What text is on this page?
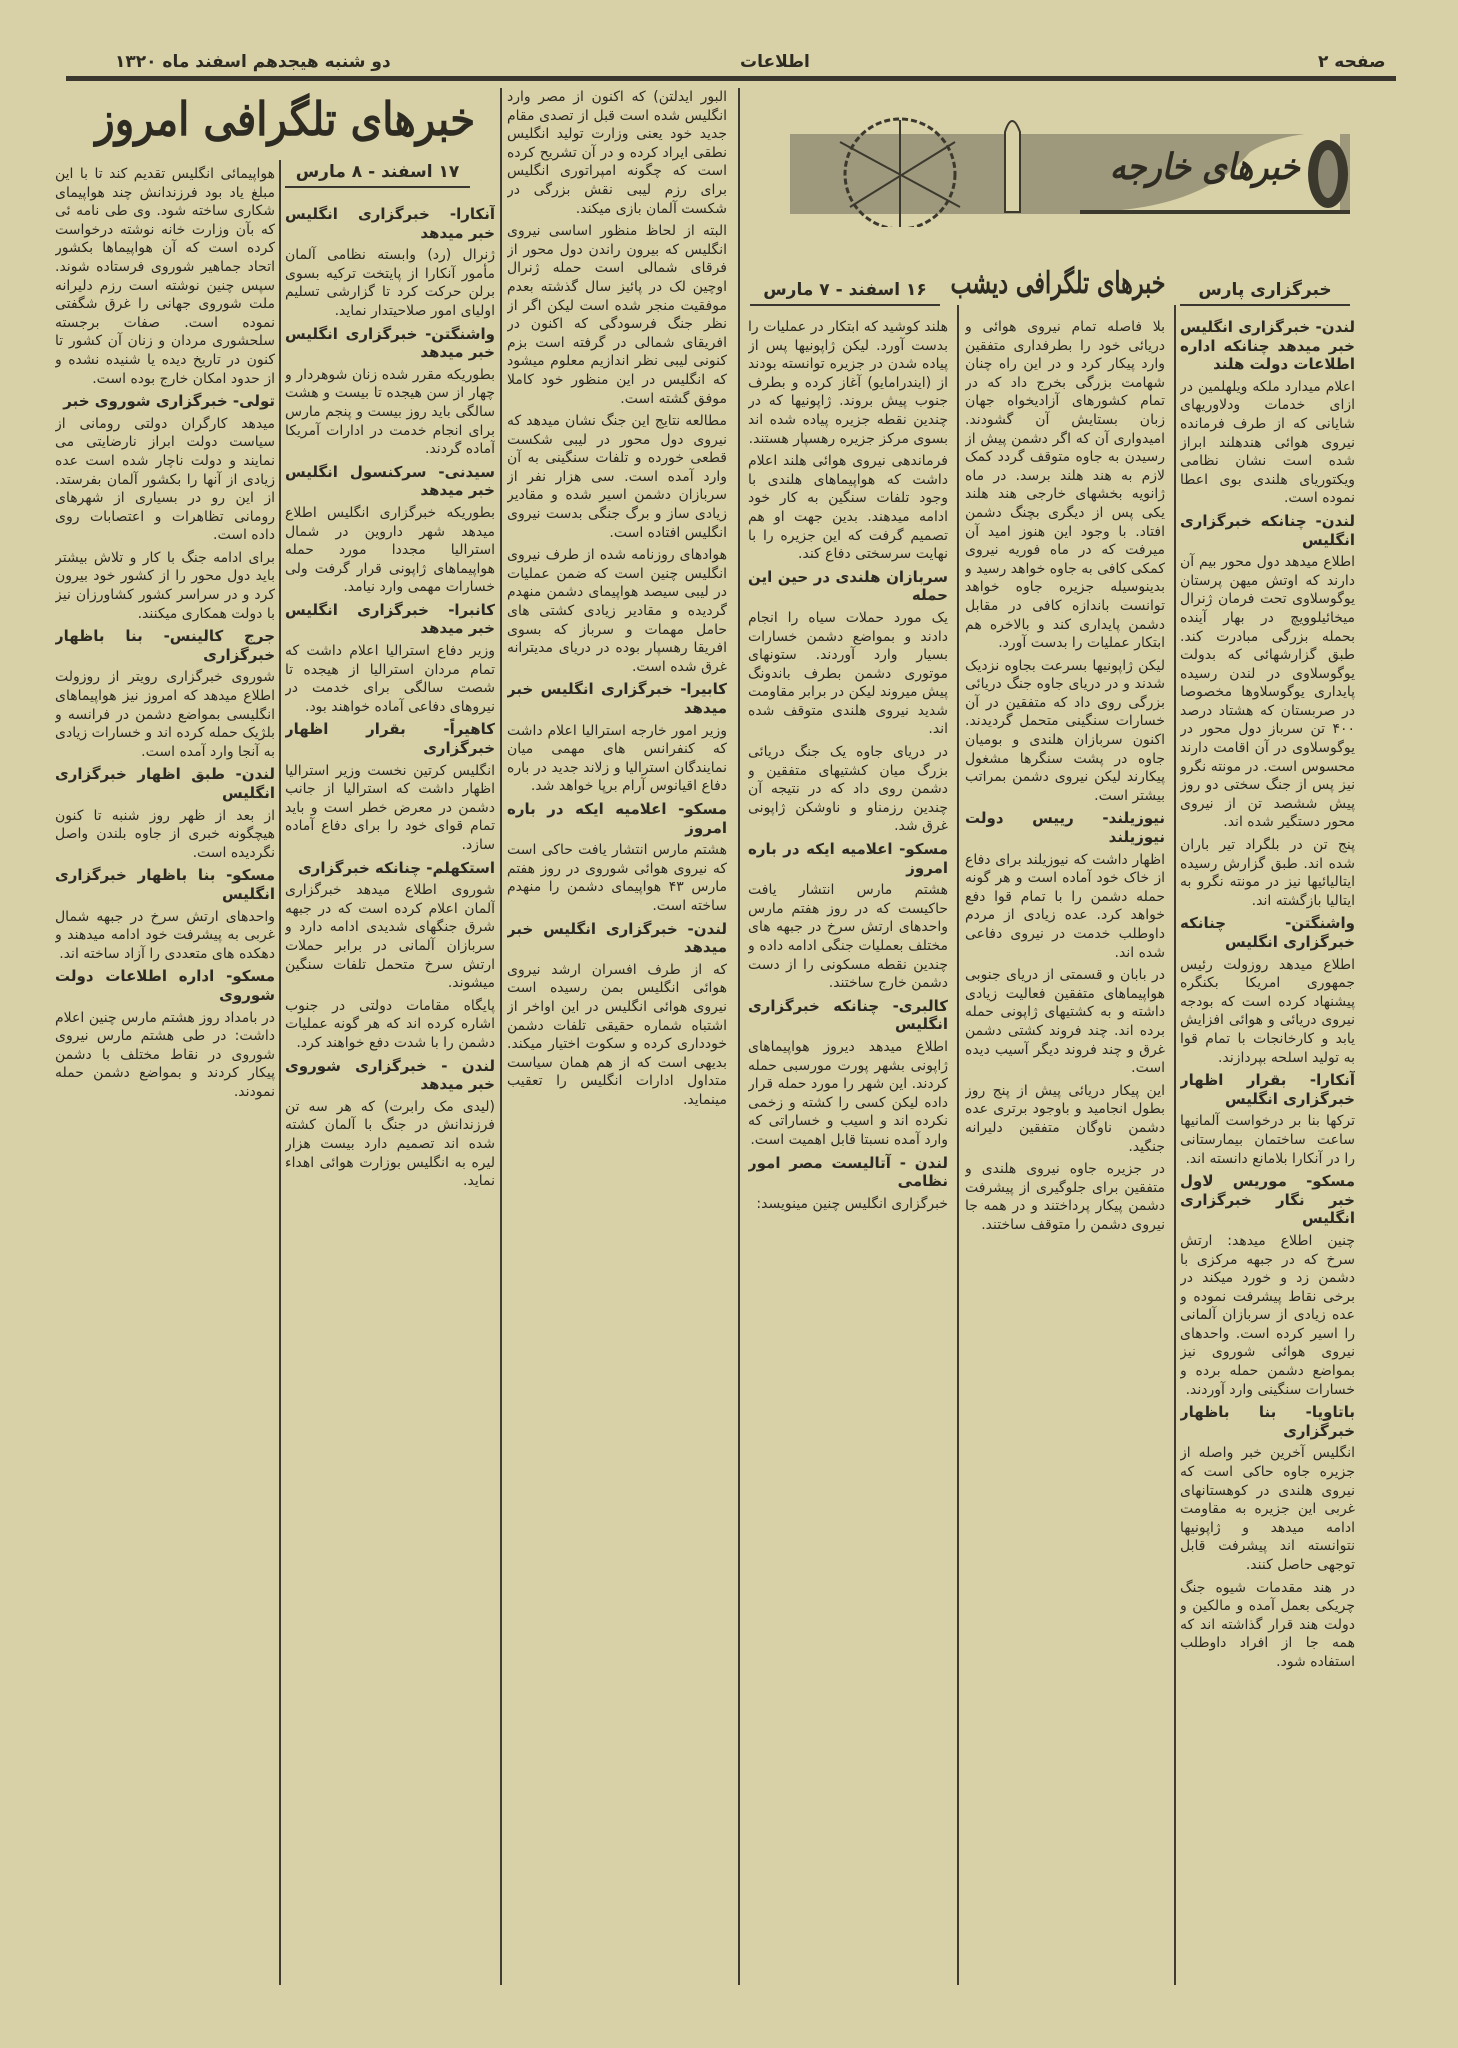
دو شنبه هیجدهم اسفند ماه ۱۳۲۰	اطلاعات	صفحه ۲
خبرهای تلگرافی امروز
۱۷ اسفند - ۸ مارس	خبرهای خارجه
خبرگزاری پارس
خبرهای تلگرافی دیشب
۱۶ اسفند - ۷ مارس

لندن- خبرگزاری انگلیس خبر میدهد چنانکه اداره اطلاعات دولت هلند

اعلام میدارد ملکه ویلهلمین در ازای خدمات ودلاوریهای شایانی که از طرف فرمانده نیروی هوائی هندهلند ابراز شده است نشان نظامی ویکتوریای هلندی بوی اعطا نموده است.

لندن- چنانکه خبرگزاری انگلیس

اطلاع میدهد دول محور بیم آن دارند که اوتش میهن پرستان یوگوسلاوی تحت فرمان ژنرال میخائیلوویچ در بهار آینده بحمله بزرگی مبادرت کند. طبق گزارشهائی که بدولت یوگوسلاوی در لندن رسیده پایداری یوگوسلاوها مخصوصا در صربستان که هشتاد درصد ۴۰۰ تن سرباز دول محور در یوگوسلاوی در آن اقامت دارند محسوس است. در مونته نگرو نیز پس از جنگ سختی دو روز پیش ششصد تن از نیروی محور دستگیر شده اند.

پنج تن در بلگراد تیر باران شده اند. طبق گزارش رسیده ایتالیائیها نیز در مونته نگرو به ایتالیا بازگشته اند.

واشنگتن- چنانکه خبرگزاری انگلیس

اطلاع میدهد روزولت رئیس جمهوری امریکا بکنگره پیشنهاد کرده است که بودجه نیروی دریائی و هوائی افزایش یابد و کارخانجات با تمام قوا به تولید اسلحه بپردازند.

آنکارا- بقرار اظهار خبرگزاری انگلیس

ترکها بنا بر درخواست آلمانیها ساعت ساختمان بیمارستانی را در آنکارا بلامانع دانسته اند.

مسکو- موریس لاول خبر نگار خبرگزاری انگلیس

چنین اطلاع میدهد: ارتش سرخ که در جبهه مرکزی با دشمن زد و خورد میکند در برخی نقاط پیشرفت نموده و عده زیادی از سربازان آلمانی را اسیر کرده است. واحدهای نیروی هوائی شوروی نیز بمواضع دشمن حمله برده و خسارات سنگینی وارد آوردند.

باتاویا- بنا باظهار خبرگزاری

انگلیس آخرین خبر واصله از جزیره جاوه حاکی است که نیروی هلندی در کوهستانهای غربی این جزیره به مقاومت ادامه میدهد و ژاپونیها نتوانسته اند پیشرفت قابل توجهی حاصل کنند.

در هند مقدمات شیوه جنگ چریکی بعمل آمده و مالکین و دولت هند قرار گذاشته اند که همه جا از افراد داوطلب استفاده شود.

بلا فاصله تمام نیروی هوائی و دریائی خود را بطرفداری متفقین وارد پیکار کرد و در این راه چنان شهامت بزرگی بخرج داد که در تمام کشورهای آزادیخواه جهان زبان بستایش آن گشودند. امیدواری آن که اگر دشمن پیش از رسیدن به جاوه متوقف گردد کمک لازم به هند هلند برسد. در ماه ژانویه بخشهای خارجی هند هلند یکی پس از دیگری بچنگ دشمن افتاد. با وجود این هنوز امید آن میرفت که در ماه فوریه نیروی کمکی کافی به جاوه خواهد رسید و بدینوسیله جزیره جاوه خواهد توانست باندازه کافی در مقابل دشمن پایداری کند و بالاخره هم ابتکار عملیات را بدست آورد.

لیکن ژاپونیها بسرعت بجاوه نزدیک شدند و در دریای جاوه جنگ دریائی بزرگی روی داد که متفقین در آن خسارات سنگینی متحمل گردیدند. اکنون سربازان هلندی و بومیان جاوه در پشت سنگرها مشغول پیکارند لیکن نیروی دشمن بمراتب بیشتر است.

نیوزیلند- رییس دولت نیوزیلند

اظهار داشت که نیوزیلند برای دفاع از خاک خود آماده است و هر گونه حمله دشمن را با تمام قوا دفع خواهد کرد. عده زیادی از مردم داوطلب خدمت در نیروی دفاعی شده اند.

در بابان و قسمتی از دریای جنوبی هواپیماهای متفقین فعالیت زیادی داشته و به کشتیهای ژاپونی حمله برده اند. چند فروند کشتی دشمن غرق و چند فروند دیگر آسیب دیده است.

این پیکار دریائی پیش از پنج روز بطول انجامید و باوجود برتری عده دشمن ناوگان متفقین دلیرانه جنگید.

در جزیره جاوه نیروی هلندی و متفقین برای جلوگیری از پیشرفت دشمن پیکار پرداختند و در همه جا نیروی دشمن را متوقف ساختند.

هلند کوشید که ابتکار در عملیات را بدست آورد. لیکن ژاپونیها پس از پیاده شدن در جزیره توانسته بودند از (ایندرامایو) آغاز کرده و بطرف جنوب پیش بروند. ژاپونیها که در چندین نقطه جزیره پیاده شده اند بسوی مرکز جزیره رهسپار هستند.

فرماندهی نیروی هوائی هلند اعلام داشت که هواپیماهای هلندی با وجود تلفات سنگین به کار خود ادامه میدهند. بدین جهت او هم تصمیم گرفت که این جزیره را با نهایت سرسختی دفاع کند.

سربازان هلندی در حین این حمله

یک مورد حملات سیاه را انجام دادند و بمواضع دشمن خسارات بسیار وارد آوردند. ستونهای موتوری دشمن بطرف باندونگ پیش میروند لیکن در برابر مقاومت شدید نیروی هلندی متوقف شده اند.

در دریای جاوه یک جنگ دریائی بزرگ میان کشتیهای متفقین و دشمن روی داد که در نتیجه آن چندین رزمناو و ناوشکن ژاپونی غرق شد.

مسکو- اعلامیه ایکه در باره امروز

هشتم مارس انتشار یافت حاکیست که در روز هفتم مارس واحدهای ارتش سرخ در جبهه های مختلف بعملیات جنگی ادامه داده و چندین نقطه مسکونی را از دست دشمن خارج ساختند.

کالبری- چنانکه خبرگزاری انگلیس

اطلاع میدهد دیروز هواپیماهای ژاپونی بشهر پورت مورسبی حمله کردند. این شهر را مورد حمله قرار داده لیکن کسی را کشته و زخمی نکرده اند و اسیب و خساراتی که وارد آمده نسبتا قابل اهمیت است.

لندن - آتالیست مصر امور نظامی

خبرگزاری انگلیس چنین مینویسد:

البور ایدلتن) که اکنون از مصر وارد انگلیس شده است قبل از تصدی مقام جدید خود یعنی وزارت تولید انگلیس نطقی ایراد کرده و در آن تشریح کرده است که چگونه امپراتوری انگلیس برای رزم لیبی نقش بزرگی در شکست آلمان بازی میکند.

البته از لحاظ منظور اساسی نیروی انگلیس که بیرون راندن دول محور از فرقای شمالی است حمله ژنرال اوچین لک در پائیز سال گذشته بعدم موفقیت منجر شده است لیکن اگر از نظر جنگ فرسودگی که اکنون در افریقای شمالی در گرفته است بزم کنونی لیبی نظر اندازیم معلوم میشود که انگلیس در این منظور خود کاملا موفق گشته است.

مطالعه نتایج این جنگ نشان میدهد که نیروی دول محور در لیبی شکست قطعی خورده و تلفات سنگینی به آن وارد آمده است. سی هزار نفر از سربازان دشمن اسیر شده و مقادیر زیادی ساز و برگ جنگی بدست نیروی انگلیس افتاده است.

هوادهای روزنامه شده از طرف نیروی انگلیس چنین است که ضمن عملیات در لیبی سیصد هواپیمای دشمن منهدم گردیده و مقادیر زیادی کشتی های حامل مهمات و سرباز که بسوی افریقا رهسپار بوده در دریای مدیترانه غرق شده است.

کابیرا- خبرگزاری انگلیس خبر میدهد

وزیر امور خارجه استرالیا اعلام داشت که کنفرانس های مهمی میان نمایندگان استرالیا و زلاند جدید در باره دفاع اقیانوس آرام برپا خواهد شد.

مسکو- اعلامیه ایکه در باره امروز

هشتم مارس انتشار یافت حاکی است که نیروی هوائی شوروی در روز هفتم مارس ۴۳ هواپیمای دشمن را منهدم ساخته است.

لندن- خبرگزاری انگلیس خبر میدهد

که از طرف افسران ارشد نیروی هوائی انگلیس بمن رسیده است نیروی هوائی انگلیس در این اواخر از اشتباه شماره حقیقی تلفات دشمن خودداری کرده و سکوت اختیار میکند. بدیهی است که از هم همان سیاست متداول ادارات انگلیس را تعقیب مینماید.

آنکارا- خبرگزاری انگلیس خبر میدهد

ژنرال (رد) وابسته نظامی آلمان مأمور آنکارا از پایتخت ترکیه بسوی برلن حرکت کرد تا گزارشی تسلیم اولیای امور صلاحیتدار نماید.

واشنگتن- خبرگزاری انگلیس خبر میدهد

بطوریکه مقرر شده زنان شوهردار و چهار از سن هیجده تا بیست و هشت سالگی باید روز بیست و پنجم مارس برای انجام خدمت در ادارات آمریکا آماده گردند.

سیدنی- سرکنسول انگلیس خبر میدهد

بطوریکه خبرگزاری انگلیس اطلاع میدهد شهر داروین در شمال استرالیا مجددا مورد حمله هواپیماهای ژاپونی قرار گرفت ولی خسارات مهمی وارد نیامد.

کانبرا- خبرگزاری انگلیس خبر میدهد

وزیر دفاع استرالیا اعلام داشت که تمام مردان استرالیا از هیجده تا شصت سالگی برای خدمت در نیروهای دفاعی آماده خواهند بود.

کاهیراً- بقرار اظهار خبرگزاری

انگلیس کرتین نخست وزیر استرالیا اظهار داشت که استرالیا از جانب دشمن در معرض خطر است و باید تمام قوای خود را برای دفاع آماده سازد.

استکهلم- چنانکه خبرگزاری

شوروی اطلاع میدهد خبرگزاری آلمان اعلام کرده است که در جبهه شرق جنگهای شدیدی ادامه دارد و سربازان آلمانی در برابر حملات ارتش سرخ متحمل تلفات سنگین میشوند.

پایگاه مقامات دولتی در جنوب اشاره کرده اند که هر گونه عملیات دشمن را با شدت دفع خواهند کرد.

لندن - خبرگزاری شوروی خبر میدهد

(لیدی مک رابرت) که هر سه تن فرزندانش در جنگ با آلمان کشته شده اند تصمیم دارد بیست هزار لیره به انگلیس بوزارت هوائی اهداء نماید.

هواپیمائی انگلیس تقدیم کند تا با این مبلغ یاد بود فرزندانش چند هواپیمای شکاری ساخته شود. وی طی نامه ئی که بآن وزارت خانه نوشته درخواست کرده است که آن هواپیماها بکشور اتحاد جماهیر شوروی فرستاده شوند. سپس چنین نوشته است رزم دلیرانه ملت شوروی جهانی را غرق شگفتی نموده است. صفات برجسته سلحشوری مردان و زنان آن کشور تا کنون در تاریخ دیده یا شنیده نشده و از حدود امکان خارج بوده است.

تولی- خبرگزاری شوروی خبر

میدهد کارگران دولتی رومانی از سیاست دولت ابراز نارضایتی می نمایند و دولت ناچار شده است عده زیادی از آنها را بکشور آلمان بفرستد. از این رو در بسیاری از شهرهای رومانی تظاهرات و اعتصابات روی داده است.

برای ادامه جنگ با کار و تلاش بیشتر باید دول محور را از کشور خود بیرون کرد و در سراسر کشور کشاورزان نیز با دولت همکاری میکنند.

جرج کالینس- بنا باظهار خبرگزاری

شوروی خبرگزاری رویتر از روزولت اطلاع میدهد که امروز نیز هواپیماهای انگلیسی بمواضع دشمن در فرانسه و بلژیک حمله کرده اند و خسارات زیادی به آنجا وارد آمده است.

لندن- طبق اظهار خبرگزاری انگلیس

از بعد از ظهر روز شنبه تا کنون هیچگونه خبری از جاوه بلندن واصل نگردیده است.

مسکو- بنا باظهار خبرگزاری انگلیس

واحدهای ارتش سرخ در جبهه شمال غربی به پیشرفت خود ادامه میدهند و دهکده های متعددی را آزاد ساخته اند.

مسکو- اداره اطلاعات دولت شوروی

در بامداد روز هشتم مارس چنین اعلام داشت: در طی هشتم مارس نیروی شوروی در نقاط مختلف با دشمن پیکار کردند و بمواضع دشمن حمله نمودند.
